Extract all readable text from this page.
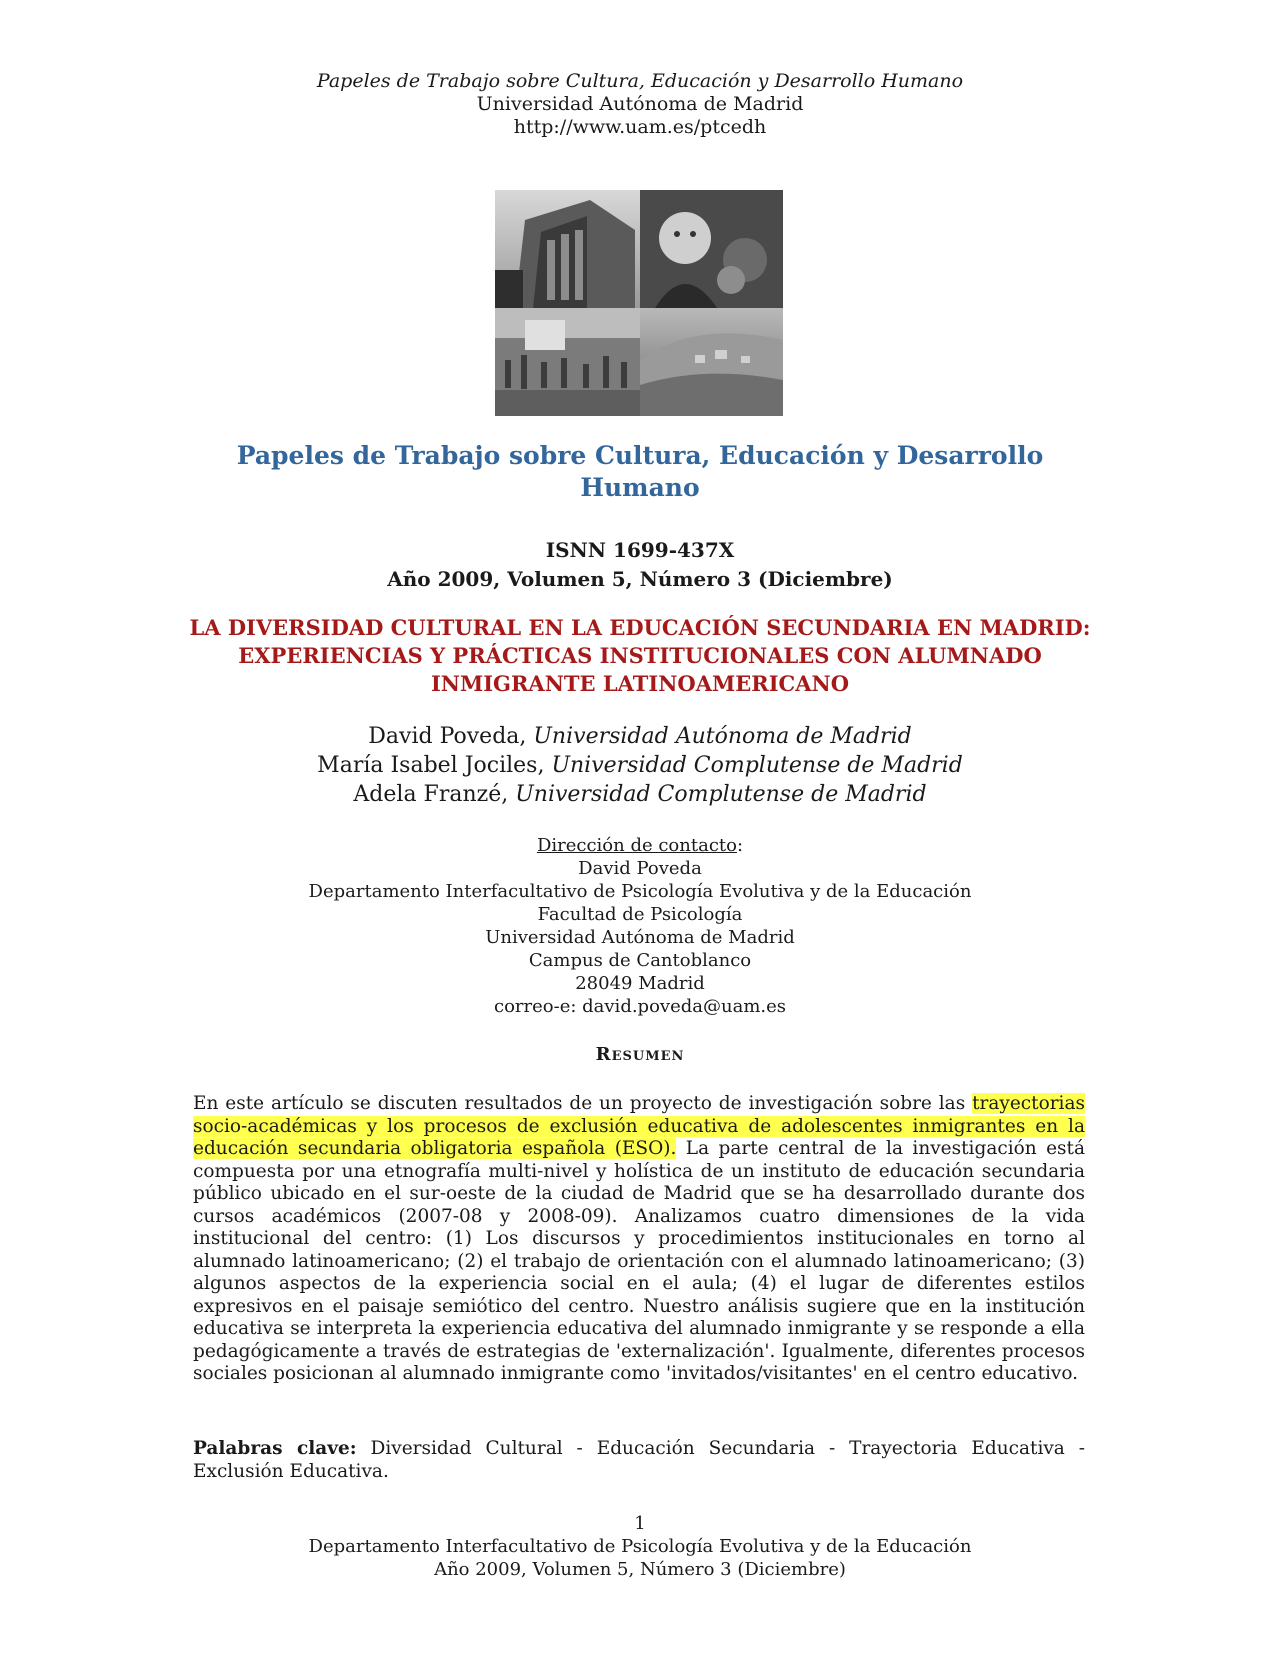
Papeles de Trabajo sobre Cultura, Educación y Desarrollo Humano
Universidad Autónoma de Madrid
http://www.uam.es/ptcedh
Papeles de Trabajo sobre Cultura, Educación y Desarrollo Humano
ISNN 1699-437X
Año 2009, Volumen 5, Número 3 (Diciembre)
LA DIVERSIDAD CULTURAL EN LA EDUCACIÓN SECUNDARIA EN MADRID: EXPERIENCIAS Y PRÁCTICAS INSTITUCIONALES CON ALUMNADO INMIGRANTE LATINOAMERICANO
David Poveda, Universidad Autónoma de Madrid
María Isabel Jociles, Universidad Complutense de Madrid
Adela Franzé, Universidad Complutense de Madrid
Dirección de contacto:
David Poveda
Departamento Interfacultativo de Psicología Evolutiva y de la Educación
Facultad de Psicología
Universidad Autónoma de Madrid
Campus de Cantoblanco
28049 Madrid
correo-e: david.poveda@uam.es
Resumen
En este artículo se discuten resultados de un proyecto de investigación sobre las trayectorias socio-académicas y los procesos de exclusión educativa de adolescentes inmigrantes en la educación secundaria obligatoria española (ESO). La parte central de la investigación está compuesta por una etnografía multi-nivel y holística de un instituto de educación secundaria público ubicado en el sur-oeste de la ciudad de Madrid que se ha desarrollado durante dos cursos académicos (2007-08 y 2008-09). Analizamos cuatro dimensiones de la vida institucional del centro: (1) Los discursos y procedimientos institucionales en torno al alumnado latinoamericano; (2) el trabajo de orientación con el alumnado latinoamericano; (3) algunos aspectos de la experiencia social en el aula; (4) el lugar de diferentes estilos expresivos en el paisaje semiótico del centro. Nuestro análisis sugiere que en la institución educativa se interpreta la experiencia educativa del alumnado inmigrante y se responde a ella pedagógicamente a través de estrategias de 'externalización'. Igualmente, diferentes procesos sociales posicionan al alumnado inmigrante como 'invitados/visitantes' en el centro educativo.
Palabras clave: Diversidad Cultural - Educación Secundaria - Trayectoria Educativa - Exclusión Educativa.
1
Departamento Interfacultativo de Psicología Evolutiva y de la Educación
Año 2009, Volumen 5, Número 3 (Diciembre)
